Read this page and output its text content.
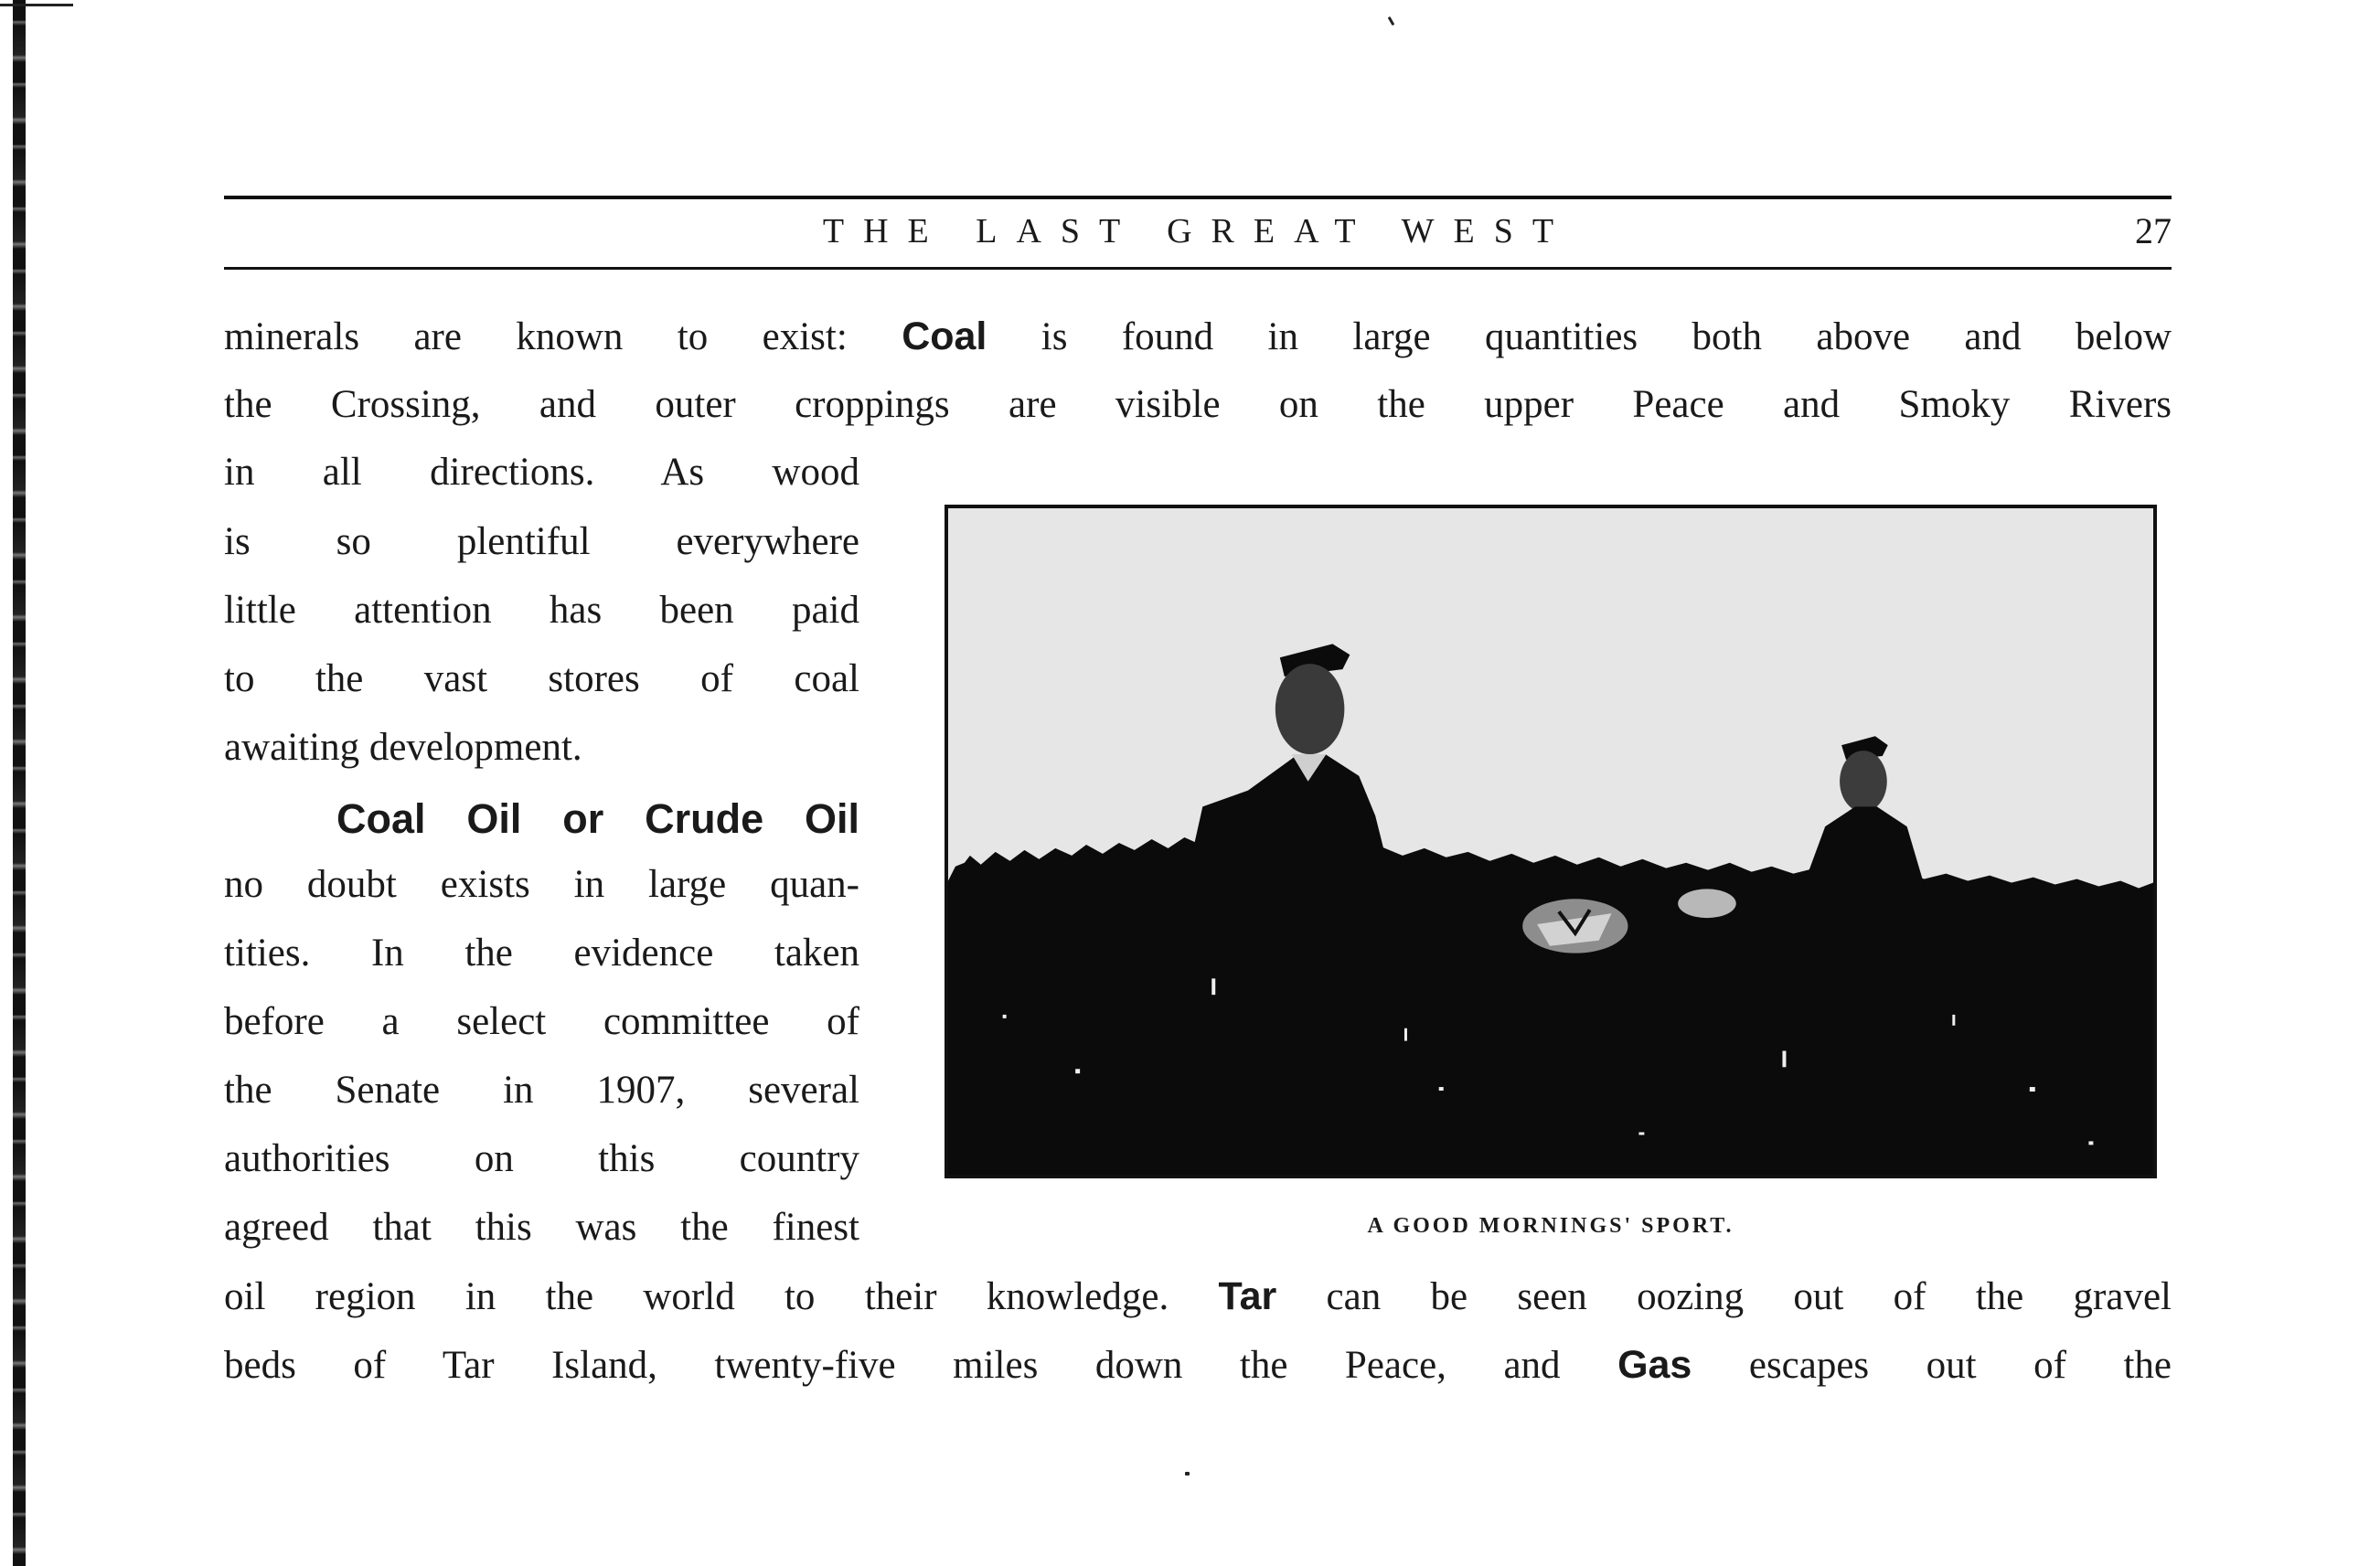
THE LAST GREAT WEST	27
minerals are known to exist: Coal is found in large quantities both above and below
the Crossing, and outer croppings are visible on the upper Peace and Smoky Rivers
in all directions. As wood
is so plentiful everywhere
little attention has been paid
to the vast stores of coal
awaiting development.
Coal Oil or Crude Oil
no doubt exists in large quan-
tities. In the evidence taken
before a select committee of
the Senate in 1907, several
authorities on this country
agreed that this was the finest
oil region in the world to their knowledge. Tar can be seen oozing out of the gravel
beds of Tar Island, twenty-five miles down the Peace, and Gas escapes out of the
A GOOD MORNINGS' SPORT.
